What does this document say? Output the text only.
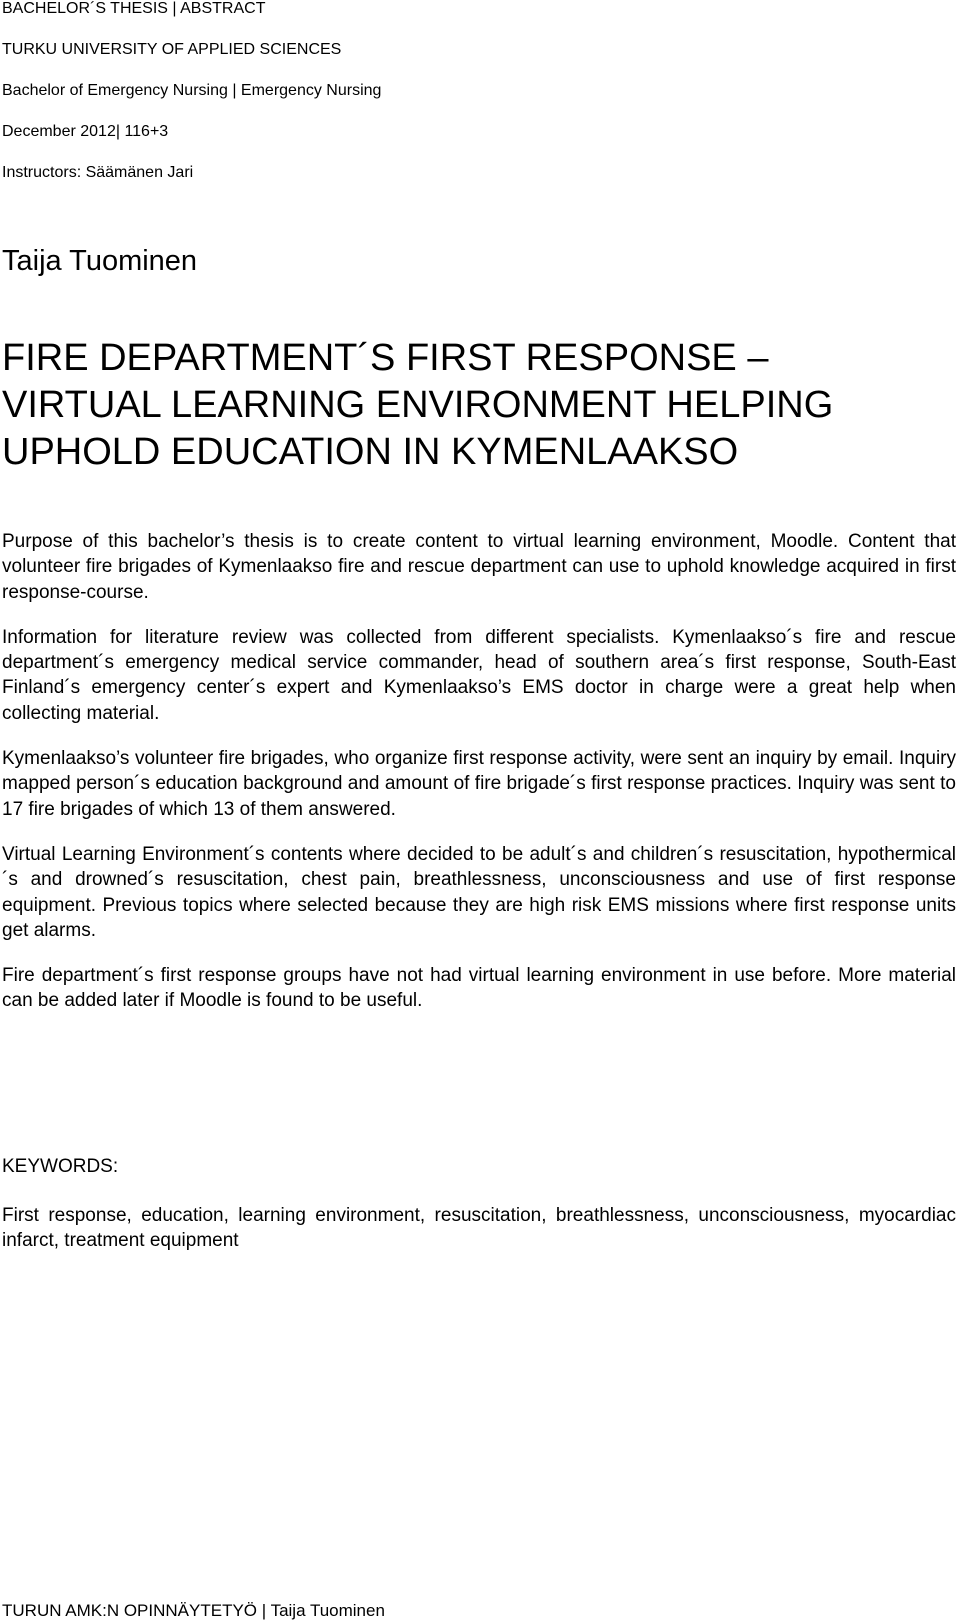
BACHELOR´S THESIS | ABSTRACT
TURKU UNIVERSITY OF APPLIED SCIENCES
Bachelor of Emergency Nursing | Emergency Nursing
December 2012| 116+3
Instructors: Säämänen Jari
Taija Tuominen
FIRE DEPARTMENT´S FIRST RESPONSE –
VIRTUAL LEARNING ENVIRONMENT HELPING
UPHOLD EDUCATION IN KYMENLAAKSO

Purpose of this bachelor’s thesis is to create content to virtual learning environment, Moodle. Content that volunteer fire brigades of Kymenlaakso fire and rescue department can use to uphold knowledge acquired in first response-course.

Information for literature review was collected from different specialists. Kymenlaakso´s fire and rescue department´s emergency medical service commander, head of southern area´s first response, South-East Finland´s emergency center´s expert and Kymenlaakso’s EMS doctor in charge were a great help when collecting material.

Kymenlaakso’s volunteer fire brigades, who organize first response activity, were sent an inquiry by email. Inquiry mapped person´s education background and amount of fire brigade´s first response practices. Inquiry was sent to 17 fire brigades of which 13 of them answered.

Virtual Learning Environment´s contents where decided to be adult´s and children´s resuscitation, hypothermical´s and drowned´s resuscitation, chest pain, breathlessness, unconsciousness and use of first response equipment. Previous topics where selected because they are high risk EMS missions where first response units get alarms.

Fire department´s first response groups have not had virtual learning environment in use before. More material can be added later if Moodle is found to be useful.

KEYWORDS:

First response, education, learning environment, resuscitation, breathlessness, unconsciousness, myocardiac infarct, treatment equipment

TURUN AMK:N OPINNÄYTETYÖ | Taija Tuominen
